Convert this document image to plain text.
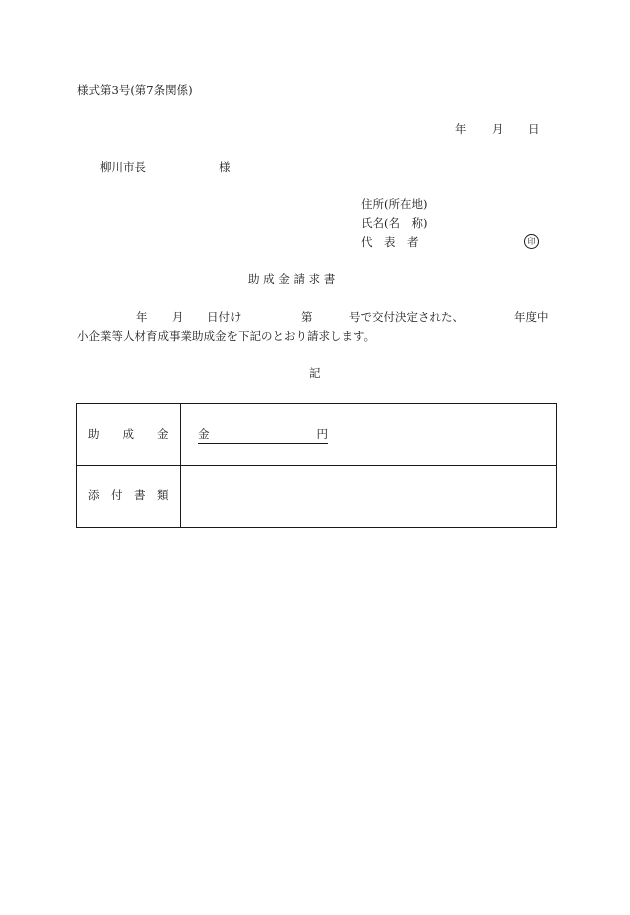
様式第3号(第7条関係)
年 月 日
柳川市長	様
住所(所在地)
氏名(名　称)
代　表　者	印
助 成 金 請 求 書
年 月 日付け	第	号で交付決定された、	年度中
小企業等人材育成事業助成金を下記のとおり請求します。
記
助　　成　　金	金	円
添　付　書　類
